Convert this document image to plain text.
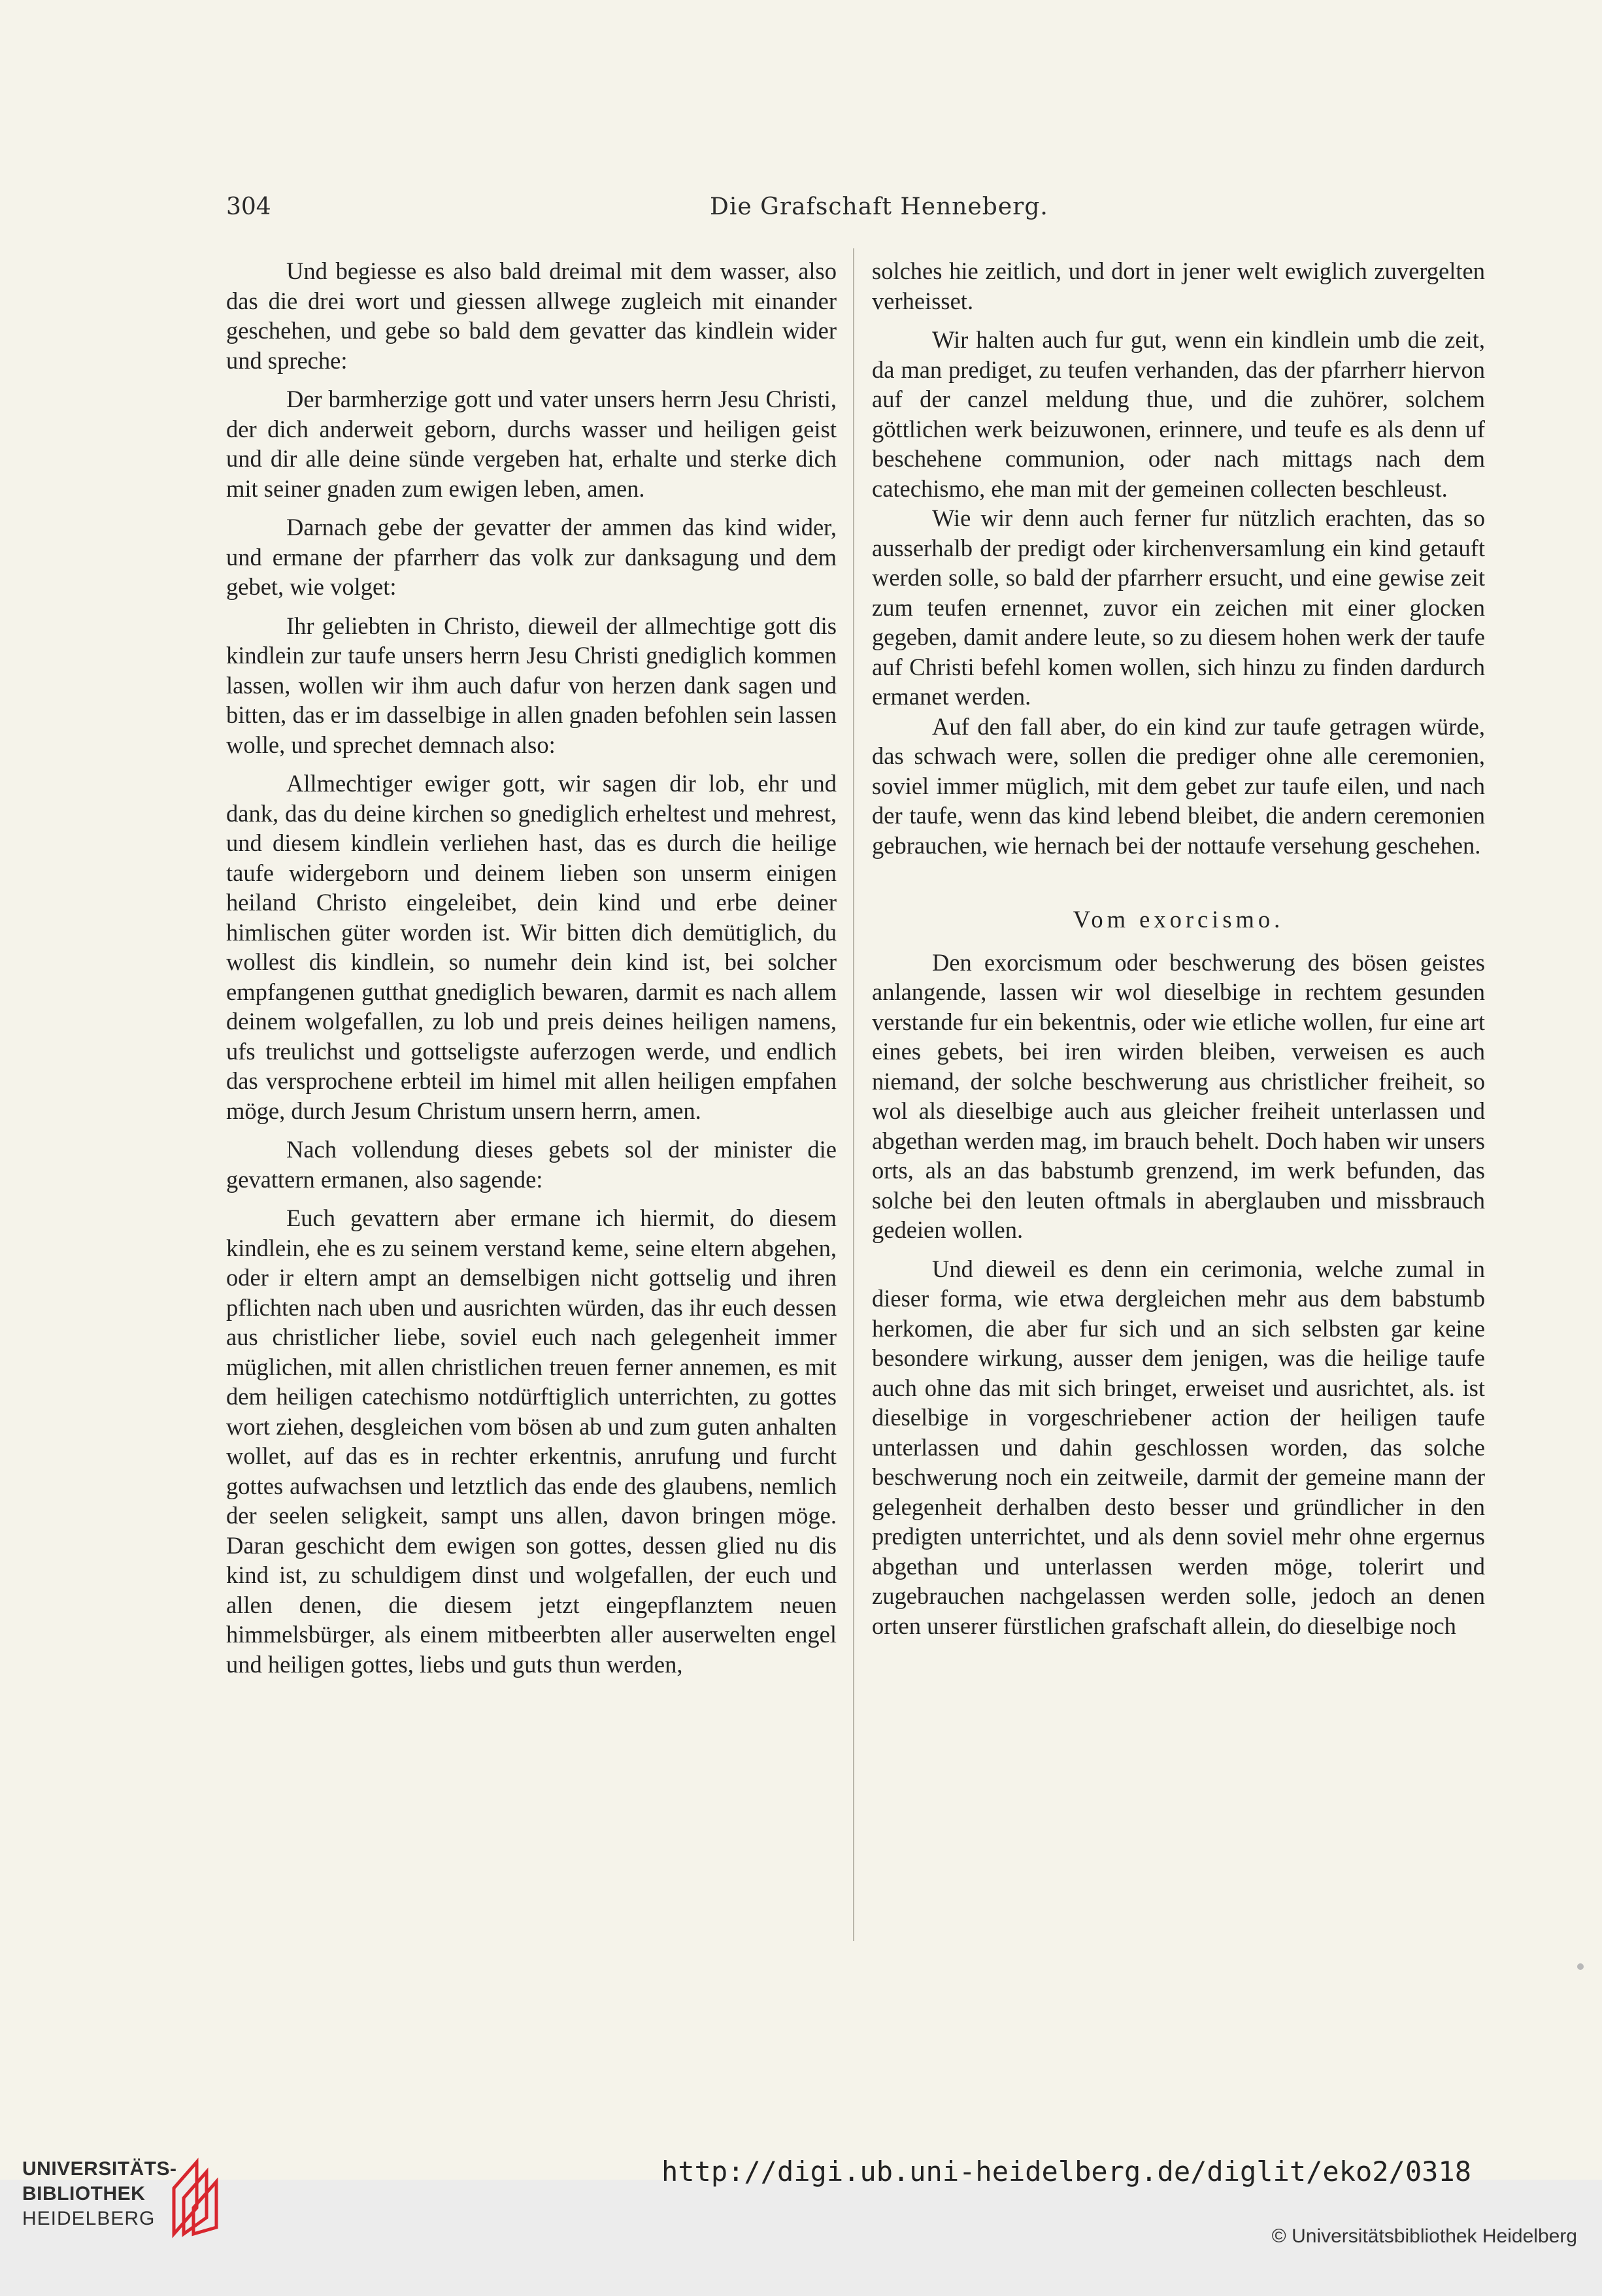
304	Die Grafschaft Henneberg.

Und begiesse es also bald dreimal mit dem wasser, also das die drei wort und giessen allwege zugleich mit einander geschehen, und gebe so bald dem gevatter das kindlein wider und spreche:

Der barmherzige gott und vater unsers herrn Jesu Christi, der dich anderweit geborn, durchs wasser und heiligen geist und dir alle deine sünde vergeben hat, erhalte und sterke dich mit seiner gnaden zum ewigen leben, amen.

Darnach gebe der gevatter der ammen das kind wider, und ermane der pfarrherr das volk zur danksagung und dem gebet, wie volget:

Ihr geliebten in Christo, dieweil der allmechtige gott dis kindlein zur taufe unsers herrn Jesu Christi gnediglich kommen lassen, wollen wir ihm auch dafur von herzen dank sagen und bitten, das er im dasselbige in allen gnaden befohlen sein lassen wolle, und sprechet demnach also:

Allmechtiger ewiger gott, wir sagen dir lob, ehr und dank, das du deine kirchen so gnediglich erheltest und mehrest, und diesem kindlein verliehen hast, das es durch die heilige taufe widergeborn und deinem lieben son unserm einigen heiland Christo eingeleibet, dein kind und erbe deiner himlischen güter worden ist. Wir bitten dich demütiglich, du wollest dis kindlein, so numehr dein kind ist, bei solcher empfangenen gutthat gnediglich bewaren, darmit es nach allem deinem wolgefallen, zu lob und preis deines heiligen namens, ufs treulichst und gottseligste auferzogen werde, und endlich das versprochene erbteil im himel mit allen heiligen empfahen möge, durch Jesum Christum unsern herrn, amen.

Nach vollendung dieses gebets sol der minister die gevattern ermanen, also sagende:

Euch gevattern aber ermane ich hiermit, do diesem kindlein, ehe es zu seinem verstand keme, seine eltern abgehen, oder ir eltern ampt an demselbigen nicht gottselig und ihren pflichten nach uben und ausrichten würden, das ihr euch dessen aus christlicher liebe, soviel euch nach gelegenheit immer müglichen, mit allen christlichen treuen ferner annemen, es mit dem heiligen catechismo notdürftiglich unterrichten, zu gottes wort ziehen, desgleichen vom bösen ab und zum guten anhalten wollet, auf das es in rechter erkentnis, anrufung und furcht gottes aufwachsen und letztlich das ende des glaubens, nemlich der seelen seligkeit, sampt uns allen, davon bringen möge. Daran geschicht dem ewigen son gottes, dessen glied nu dis kind ist, zu schuldigem dinst und wolgefallen, der euch und allen denen, die diesem jetzt eingepflanztem neuen himmelsbürger, als einem mitbeerbten aller auserwelten engel und heiligen gottes, liebs und guts thun werden,

solches hie zeitlich, und dort in jener welt ewiglich zuvergelten verheisset.

Wir halten auch fur gut, wenn ein kindlein umb die zeit, da man prediget, zu teufen verhanden, das der pfarrherr hiervon auf der canzel meldung thue, und die zuhörer, solchem göttlichen werk beizuwonen, erinnere, und teufe es als denn uf beschehene communion, oder nach mittags nach dem catechismo, ehe man mit der gemeinen collecten beschleust.

Wie wir denn auch ferner fur nützlich erachten, das so ausserhalb der predigt oder kirchenversamlung ein kind getauft werden solle, so bald der pfarrherr ersucht, und eine gewise zeit zum teufen ernennet, zuvor ein zeichen mit einer glocken gegeben, damit andere leute, so zu diesem hohen werk der taufe auf Christi befehl komen wollen, sich hinzu zu finden dardurch ermanet werden.

Auf den fall aber, do ein kind zur taufe getragen würde, das schwach were, sollen die prediger ohne alle ceremonien, soviel immer müglich, mit dem gebet zur taufe eilen, und nach der taufe, wenn das kind lebend bleibet, die andern ceremonien gebrauchen, wie hernach bei der nottaufe versehung geschehen.

Vom exorcismo.

Den exorcismum oder beschwerung des bösen geistes anlangende, lassen wir wol dieselbige in rechtem gesunden verstande fur ein bekentnis, oder wie etliche wollen, fur eine art eines gebets, bei iren wirden bleiben, verweisen es auch niemand, der solche beschwerung aus christlicher freiheit, so wol als dieselbige auch aus gleicher freiheit unterlassen und abgethan werden mag, im brauch behelt. Doch haben wir unsers orts, als an das babstumb grenzend, im werk befunden, das solche bei den leuten oftmals in aberglauben und missbrauch gedeien wollen.

Und dieweil es denn ein cerimonia, welche zumal in dieser forma, wie etwa dergleichen mehr aus dem babstumb herkomen, die aber fur sich und an sich selbsten gar keine besondere wirkung, ausser dem jenigen, was die heilige taufe auch ohne das mit sich bringet, erweiset und ausrichtet, als. ist dieselbige in vorgeschriebener action der heiligen taufe unterlassen und dahin geschlossen worden, das solche beschwerung noch ein zeitweile, darmit der gemeine mann der gelegenheit derhalben desto besser und gründlicher in den predigten unterrichtet, und als denn soviel mehr ohne ergernus abgethan und unterlassen werden möge, tolerirt und zugebrauchen nachgelassen werden solle, jedoch an denen orten unserer fürstlichen grafschaft allein, do dieselbige noch

UNIVERSITÄTS-
BIBLIOTHEK
HEIDELBERG
http://digi.ub.uni-heidelberg.de/diglit/eko2/0318
© Universitätsbibliothek Heidelberg
